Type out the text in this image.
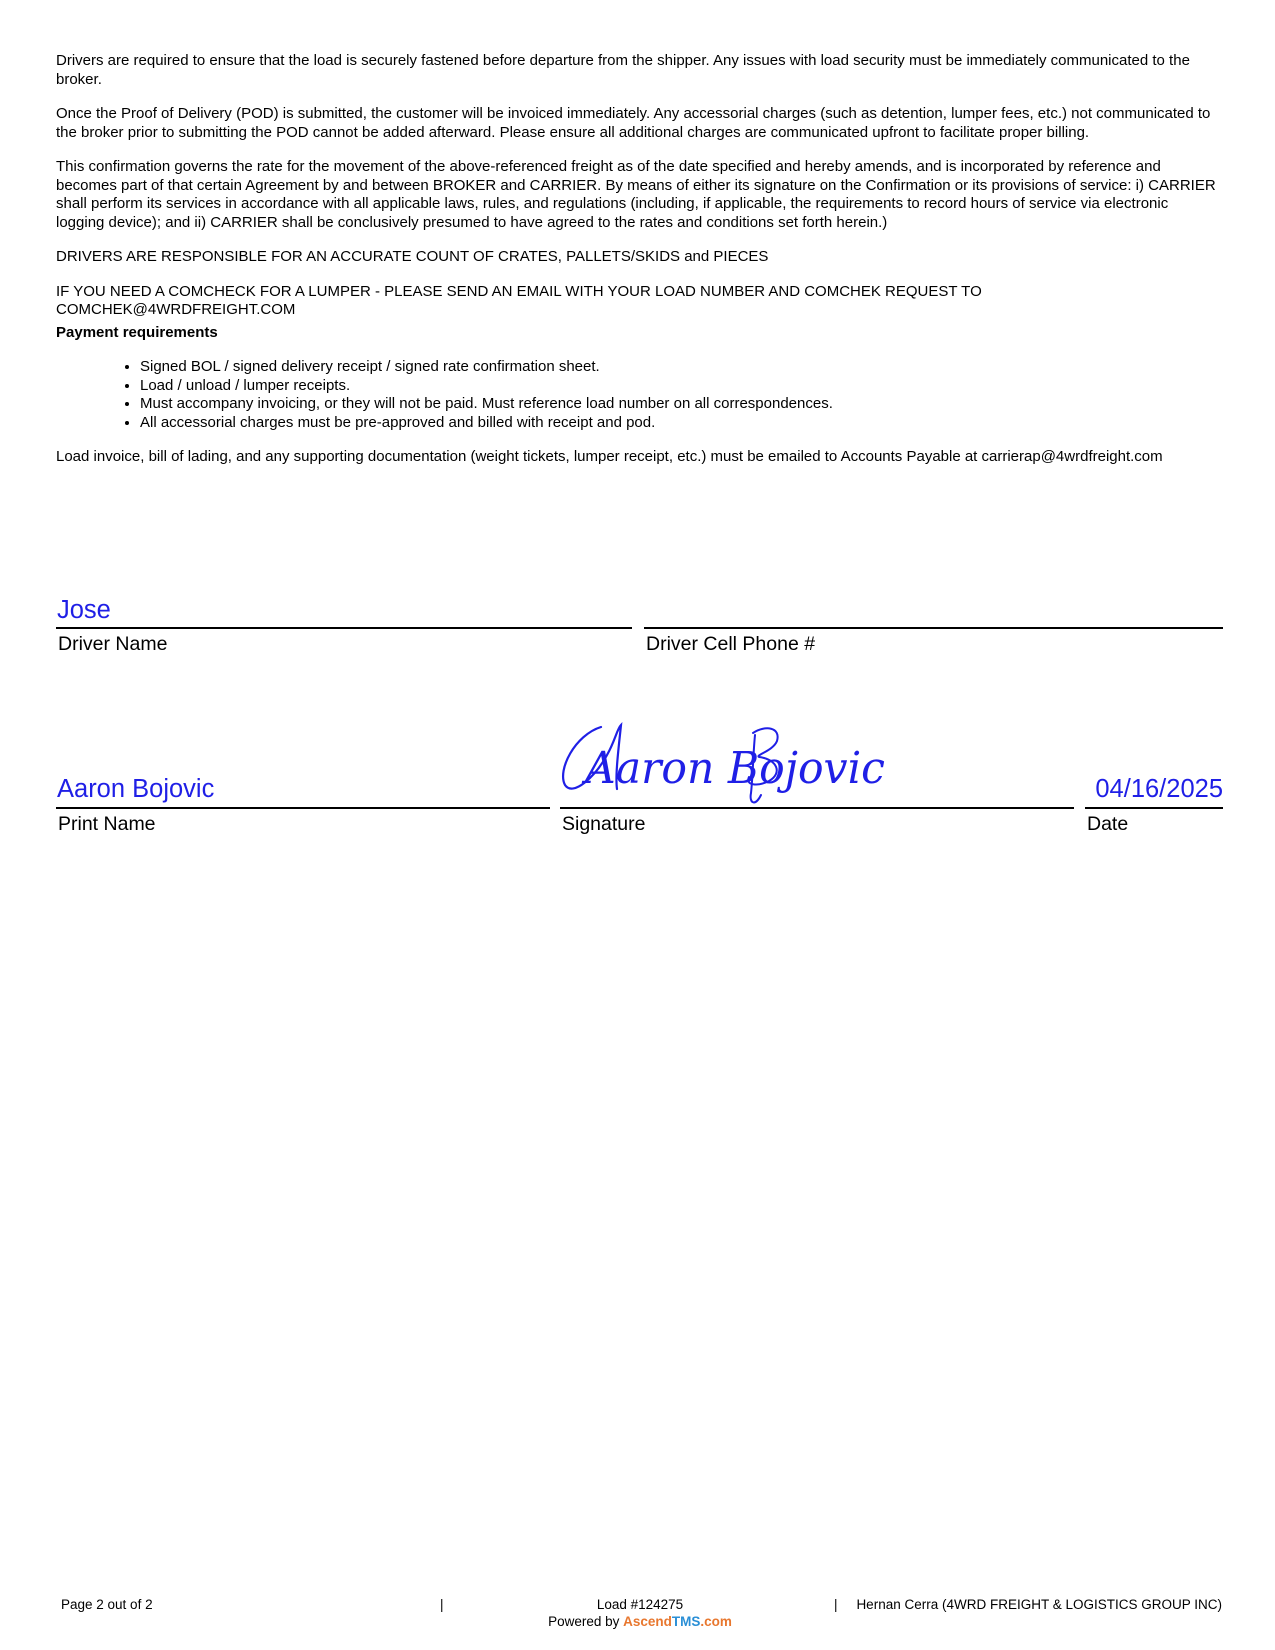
Drivers are required to ensure that the load is securely fastened before departure from the shipper. Any issues with load security must be immediately communicated to the broker.

Once the Proof of Delivery (POD) is submitted, the customer will be invoiced immediately. Any accessorial charges (such as detention, lumper fees, etc.) not communicated to the broker prior to submitting the POD cannot be added afterward. Please ensure all additional charges are communicated upfront to facilitate proper billing.

This confirmation governs the rate for the movement of the above-referenced freight as of the date specified and hereby amends, and is incorporated by reference and becomes part of that certain Agreement by and between BROKER and CARRIER. By means of either its signature on the Confirmation or its provisions of service: i) CARRIER shall perform its services in accordance with all applicable laws, rules, and regulations (including, if applicable, the requirements to record hours of service via electronic logging device); and ii) CARRIER shall be conclusively presumed to have agreed to the rates and conditions set forth herein.)

DRIVERS ARE RESPONSIBLE FOR AN ACCURATE COUNT OF CRATES, PALLETS/SKIDS and PIECES

IF YOU NEED A COMCHECK FOR A LUMPER - PLEASE SEND AN EMAIL WITH YOUR LOAD NUMBER AND COMCHEK REQUEST TO COMCHEK@4WRDFREIGHT.COM

Payment requirements
• Signed BOL / signed delivery receipt / signed rate confirmation sheet.
• Load / unload / lumper receipts.
• Must accompany invoicing, or they will not be paid. Must reference load number on all correspondences.
• All accessorial charges must be pre-approved and billed with receipt and pod.

Load invoice, bill of lading, and any supporting documentation (weight tickets, lumper receipt, etc.) must be emailed to Accounts Payable at carrierap@4wrdfreight.com

Jose
Driver Name	Driver Cell Phone #
Aaron Bojovic
Print Name
Aaron Bojovic
Signature
04/16/2025
Date
Page 2 out of 2	|	Load #124275
Powered by AscendTMS.com
|	Hernan Cerra (4WRD FREIGHT & LOGISTICS GROUP INC)
